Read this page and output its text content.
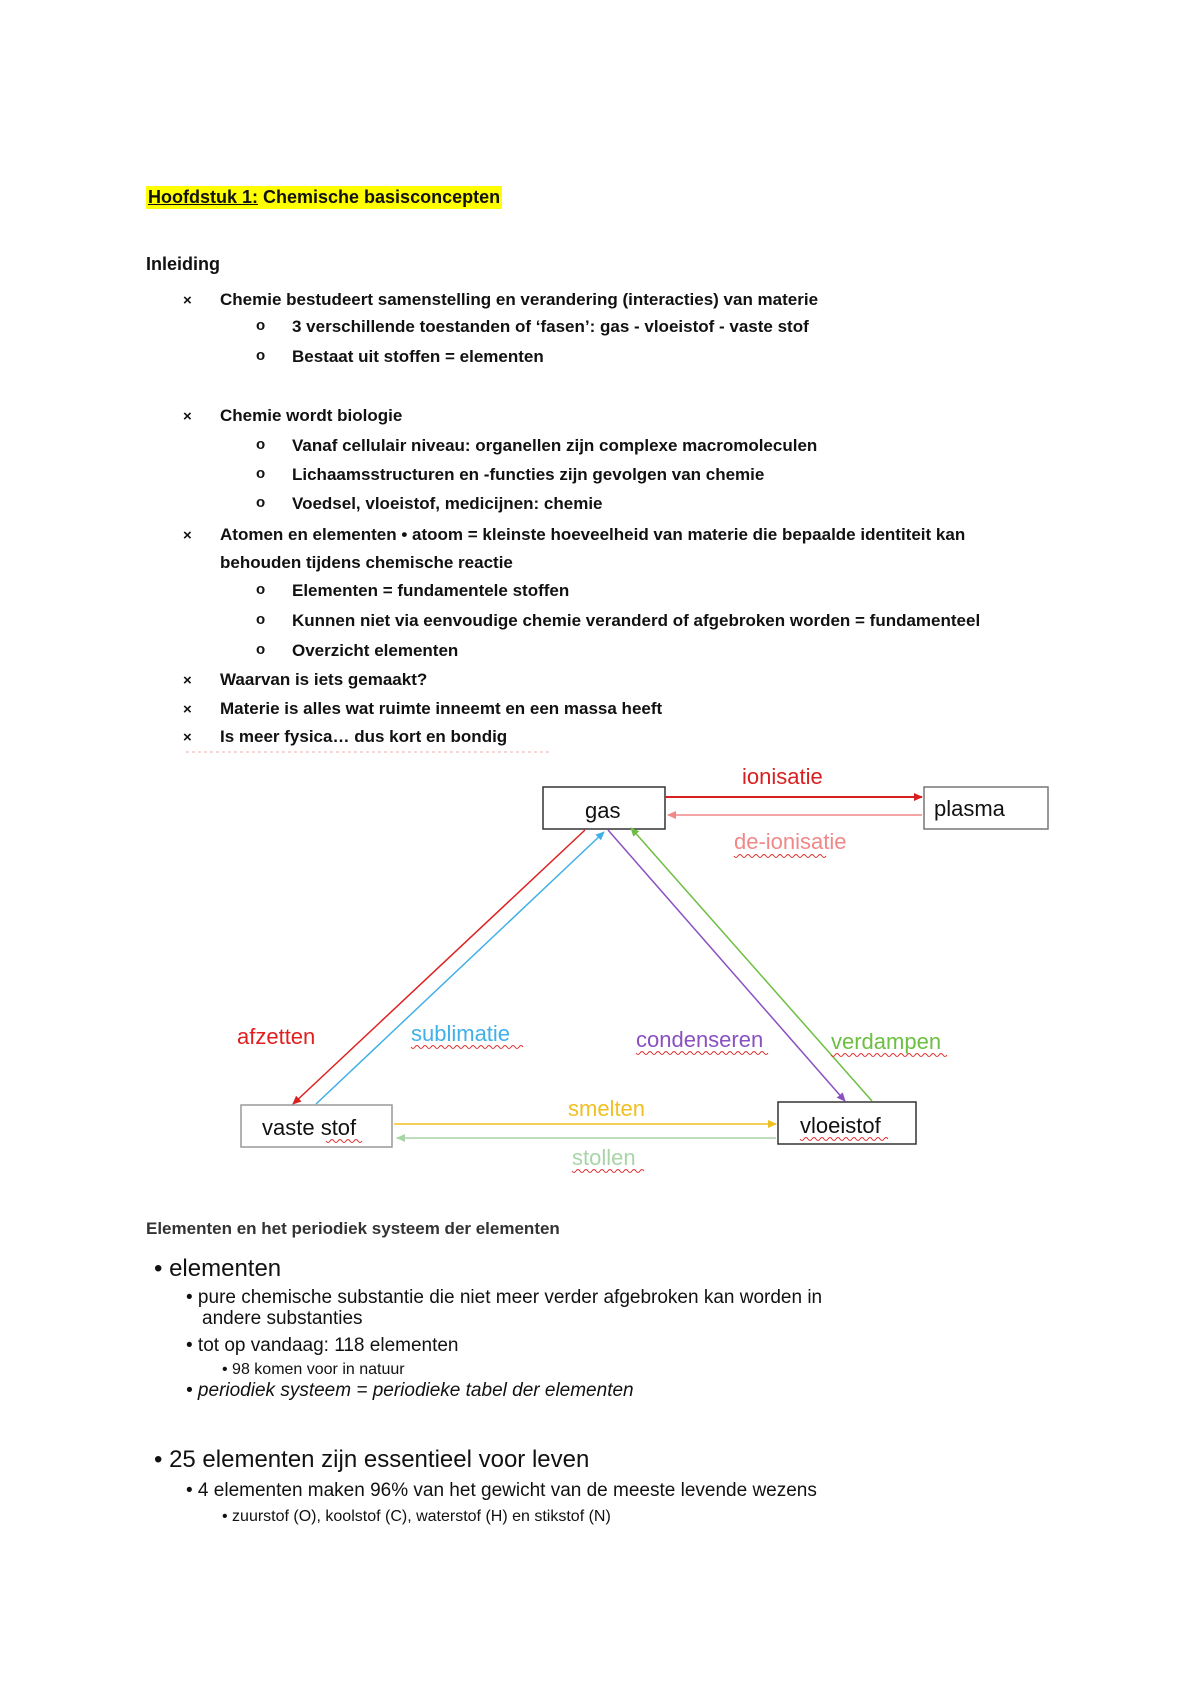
Hoofdstuk 1: Chemische basisconcepten
Inleiding
× Chemie bestudeert samenstelling en verandering (interacties) van materie
o 3 verschillende toestanden of ‘fasen’: gas - vloeistof - vaste stof
o Bestaat uit stoffen = elementen
× Chemie wordt biologie
o Vanaf cellulair niveau: organellen zijn complexe macromoleculen
o Lichaamsstructuren en -functies zijn gevolgen van chemie
o Voedsel, vloeistof, medicijnen: chemie
× Atomen en elementen • atoom = kleinste hoeveelheid van materie die bepaalde identiteit kan
behouden tijdens chemische reactie
o Elementen = fundamentele stoffen
o Kunnen niet via eenvoudige chemie veranderd of afgebroken worden = fundamenteel
o Overzicht elementen
× Waarvan is iets gemaakt?
× Materie is alles wat ruimte inneemt en een massa heeft
× Is meer fysica… dus kort en bondig
gas	plasma
vaste stof	vloeistof
ionisatie
de-ionisatie
afzetten	sublimatie	condenseren	verdampen
smelten
stollen
Elementen en het periodiek systeem der elementen
• elementen
• pure chemische substantie die niet meer verder afgebroken kan worden in
andere substanties
• tot op vandaag: 118 elementen
• 98 komen voor in natuur
• periodiek systeem = periodieke tabel der elementen
• 25 elementen zijn essentieel voor leven
• 4 elementen maken 96% van het gewicht van de meeste levende wezens
• zuurstof (O), koolstof (C), waterstof (H) en stikstof (N)
